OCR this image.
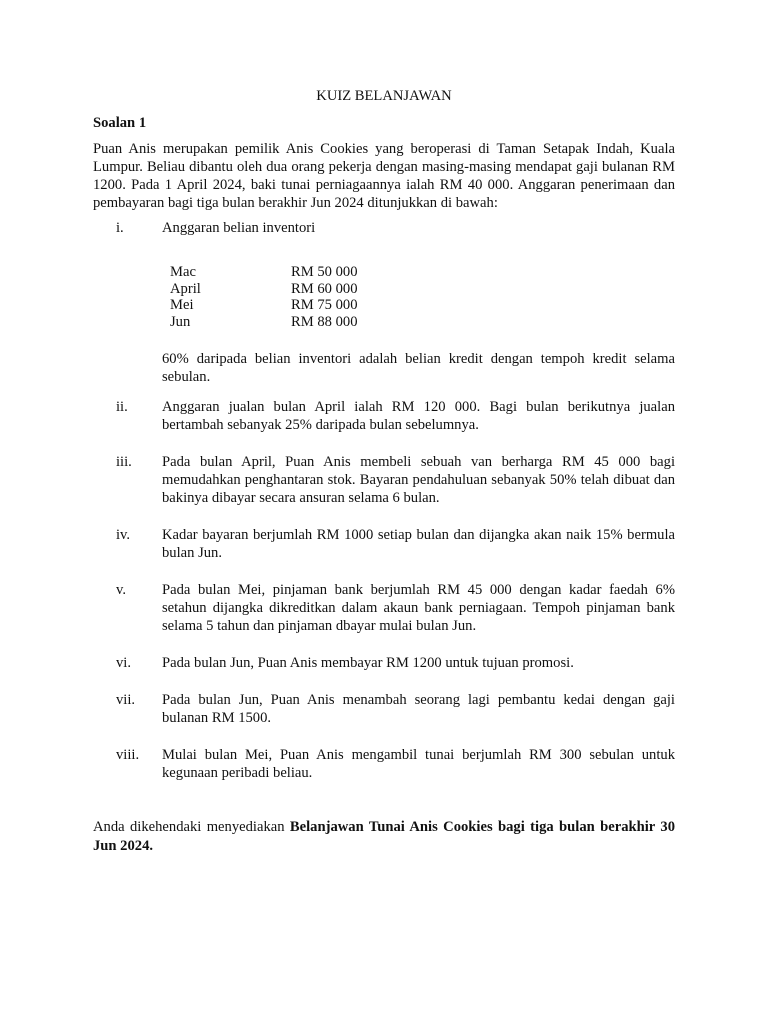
KUIZ BELANJAWAN
Soalan 1
Puan Anis merupakan pemilik Anis Cookies yang beroperasi di Taman Setapak Indah, Kuala Lumpur. Beliau dibantu oleh dua orang pekerja dengan masing-masing mendapat gaji bulanan RM 1200. Pada 1 April 2024, baki tunai perniagaannya ialah RM 40 000. Anggaran penerimaan dan pembayaran bagi tiga bulan berakhir Jun 2024 ditunjukkan di bawah:
i.	Anggaran belian inventori
Mac	RM 50 000
April	RM 60 000
Mei	RM 75 000
Jun	RM 88 000
60% daripada belian inventori adalah belian kredit dengan tempoh kredit selama sebulan.
ii. Anggaran jualan bulan April ialah RM 120 000. Bagi bulan berikutnya jualan bertambah sebanyak 25% daripada bulan sebelumnya.
iii. Pada bulan April, Puan Anis membeli sebuah van berharga RM 45 000 bagi memudahkan penghantaran stok. Bayaran pendahuluan sebanyak 50% telah dibuat dan bakinya dibayar secara ansuran selama 6 bulan.
iv. Kadar bayaran berjumlah RM 1000 setiap bulan dan dijangka akan naik 15% bermula bulan Jun.
v. Pada bulan Mei, pinjaman bank berjumlah RM 45 000 dengan kadar faedah 6% setahun dijangka dikreditkan dalam akaun bank perniagaan. Tempoh pinjaman bank selama 5 tahun dan pinjaman dbayar mulai bulan Jun.
vi. Pada bulan Jun, Puan Anis membayar RM 1200 untuk tujuan promosi.
vii. Pada bulan Jun, Puan Anis menambah seorang lagi pembantu kedai dengan gaji bulanan RM 1500.
viii. Mulai bulan Mei, Puan Anis mengambil tunai berjumlah RM 300 sebulan untuk kegunaan peribadi beliau.
Anda dikehendaki menyediakan Belanjawan Tunai Anis Cookies bagi tiga bulan berakhir 30 Jun 2024.
